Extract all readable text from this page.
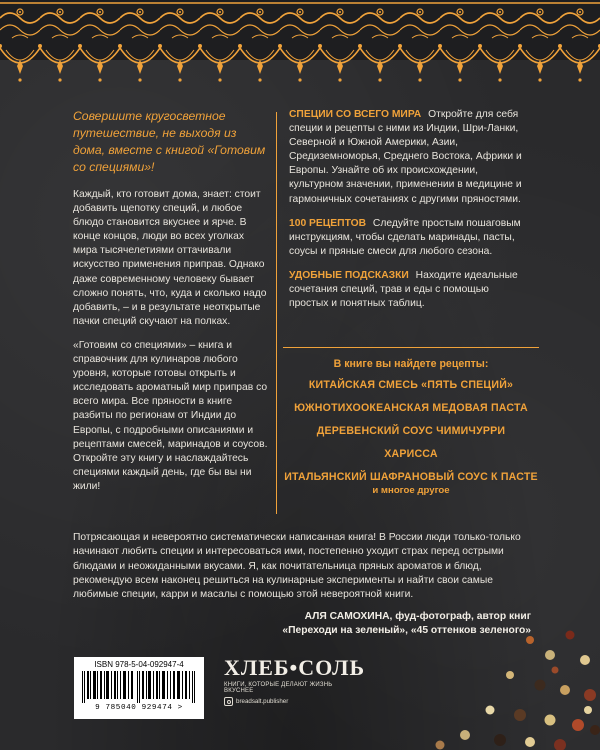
Совершите кругосветное путешествие, не выходя из дома, вместе с книгой «Готовим со специями»!

Каждый, кто готовит дома, знает: стоит добавить щепотку специй, и любое блюдо становится вкуснее и ярче. В конце концов, люди во всех уголках мира тысячелетиями оттачивали искусство применения приправ. Однако даже современному человеку бывает сложно понять, что, куда и сколько надо добавить, – и в результате неоткрытые пачки специй скучают на полках.

«Готовим со специями» – книга и справочник для кулинаров любого уровня, которые готовы открыть и исследовать ароматный мир приправ со всего мира. Все пряности в книге разбиты по регионам от Индии до Европы, с подробными описаниями и рецептами смесей, маринадов и соусов. Откройте эту книгу и наслаждайтесь специями каждый день, где бы вы ни жили!

СПЕЦИИ СО ВСЕГО МИРА Откройте для себя специи и рецепты с ними из Индии, Шри-Ланки, Северной и Южной Америки, Азии, Средиземноморья, Среднего Востока, Африки и Европы. Узнайте об их происхождении, культурном значении, применении в медицине и гармоничных сочетаниях с другими пряностями.

100 РЕЦЕПТОВ Следуйте простым пошаговым инструкциям, чтобы сделать маринады, пасты, соусы и пряные смеси для любого сезона.

УДОБНЫЕ ПОДСКАЗКИ Находите идеальные сочетания специй, трав и еды с помощью простых и понятных таблиц.

В книге вы найдете рецепты:
КИТАЙСКАЯ СМЕСЬ «ПЯТЬ СПЕЦИЙ»
ЮЖНОТИХООКЕАНСКАЯ МЕДОВАЯ ПАСТА
ДЕРЕВЕНСКИЙ СОУС ЧИМИЧУРРИ
ХАРИССА
ИТАЛЬЯНСКИЙ ШАФРАНОВЫЙ СОУС К ПАСТЕ
и многое другое

Потрясающая и невероятно систематически написанная книга! В России люди только-только начинают любить специи и интересоваться ими, постепенно уходит страх перед острыми блюдами и неожиданными вкусами. Я, как почитательница пряных ароматов и блюд, рекомендую всем наконец решиться на кулинарные эксперименты и найти свои самые любимые специи, карри и масалы с помощью этой невероятной книги.

АЛЯ САМОХИНА, фуд-фотограф, автор книг
«Переходи на зеленый», «45 оттенков зеленого»
ISBN 978-5-04-092947-4
9 785040 929474 >
ХЛЕБ•СОЛЬ
КНИГИ, КОТОРЫЕ ДЕЛАЮТ ЖИЗНЬ ВКУСНЕЕ
breadsalt.publisher
